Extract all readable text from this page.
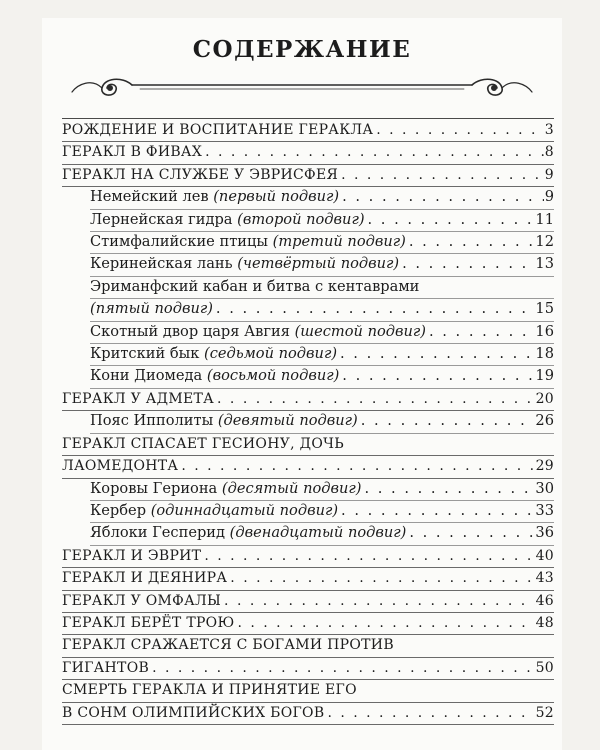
СОДЕРЖАНИЕ
РОЖДЕНИЕ И ВОСПИТАНИЕ ГЕРАКЛА . . .	3
ГЕРАКЛ В ФИВАХ . . .	8
ГЕРАКЛ НА СЛУЖБЕ У ЭВРИСФЕЯ . . .	9
Немейский лев (первый подвиг) . . .	9
Лернейская гидра (второй подвиг) . . .	11
Стимфалийские птицы (третий подвиг) . . .	12
Керинейская лань (четвёртый подвиг) . . .	13
Эриманфский кабан и битва с кентаврами
(пятый подвиг) . . .	15
Скотный двор царя Авгия (шестой подвиг) . . .	16
Критский бык (седьмой подвиг) . . .	18
Кони Диомеда (восьмой подвиг) . . .	19
ГЕРАКЛ У АДМЕТА . . .	20
Пояс Ипполиты (девятый подвиг) . . .	26
ГЕРАКЛ СПАСАЕТ ГЕСИОНУ, ДОЧЬ
ЛАОМЕДОНТА . . .	29
Коровы Гериона (десятый подвиг) . . .	30
Кербер (одиннадцатый подвиг) . . .	33
Яблоки Гесперид (двенадцатый подвиг) . . .	36
ГЕРАКЛ И ЭВРИТ . . .	40
ГЕРАКЛ И ДЕЯНИРА . . .	43
ГЕРАКЛ У ОМФАЛЫ . . .	46
ГЕРАКЛ БЕРЁТ ТРОЮ . . .	48
ГЕРАКЛ СРАЖАЕТСЯ С БОГАМИ ПРОТИВ
ГИГАНТОВ . . .	50
СМЕРТЬ ГЕРАКЛА И ПРИНЯТИЕ ЕГО
В СОНМ ОЛИМПИЙСКИХ БОГОВ . . .	52
